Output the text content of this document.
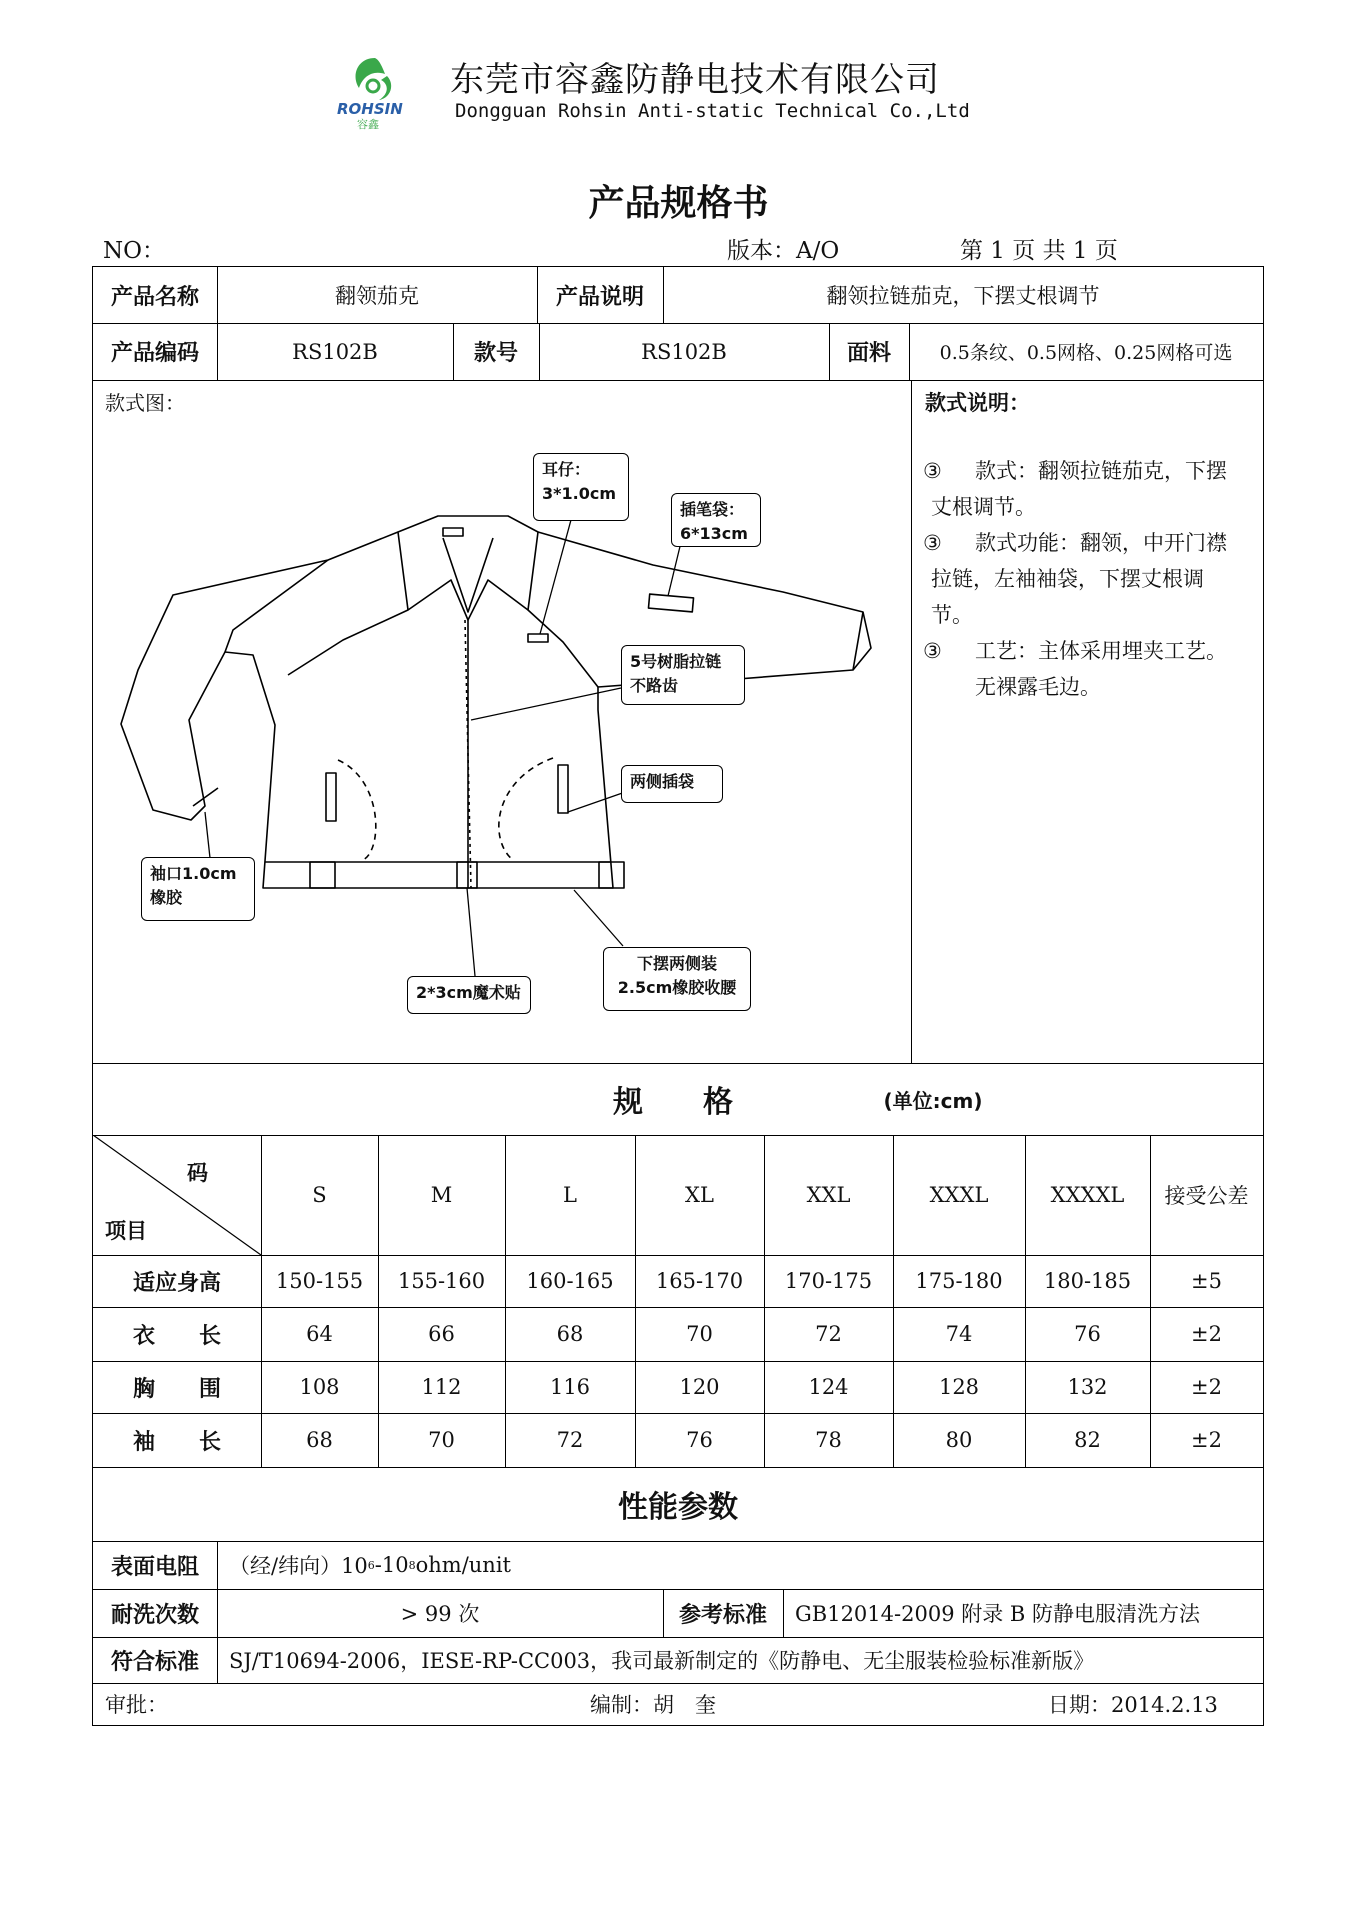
ROHSIN
容鑫
东莞市容鑫防静电技术有限公司
Dongguan Rohsin Anti-static Technical Co.,Ltd
产品规格书
NO：	版本：A/O	第 1 页 共 1 页
产品名称	翻领茄克	产品说明	翻领拉链茄克，下摆丈根调节
产品编码	RS102B	款号	RS102B	面料	0.5条纹、0.5网格、0.25网格可选
款式图：
耳仔：
3*1.0cm
插笔袋：
6*13cm
5号树脂拉链
不路齿
两侧插袋
袖口1.0cm
橡胶
2*3cm魔术贴
下摆两侧装
2.5cm橡胶收腰
款式说明：
③ 款式：翻领拉链茄克，下摆
丈根调节。
③ 款式功能：翻领，中开门襟
拉链，左袖袖袋，下摆丈根调
节。
③ 工艺：主体采用埋夹工艺。
无裸露毛边。
规　　格	(单位:cm)
码
项目
S	M	L	XL	XXL	XXXL	XXXXL	接受公差
适应身高	150-155	155-160	160-165	165-170	170-175	175-180	180-185	±5
衣　　长	64	66	68	70	72	74	76	±2
胸　　围	108	112	116	120	124	128	132	±2
袖　　长	68	70	72	76	78	80	82	±2
性能参数
表面电阻	（经/纬向）10 6 -10 8 ohm/unit
耐洗次数	> 99 次	参考标准	GB12014-2009 附录 B 防静电服清洗方法
符合标准	SJ/T10694-2006，IESE-RP-CC003，我司最新制定的《防静电、无尘服装检验标准新版》
审批：	编制：胡　奎	日期：2014.2.13
